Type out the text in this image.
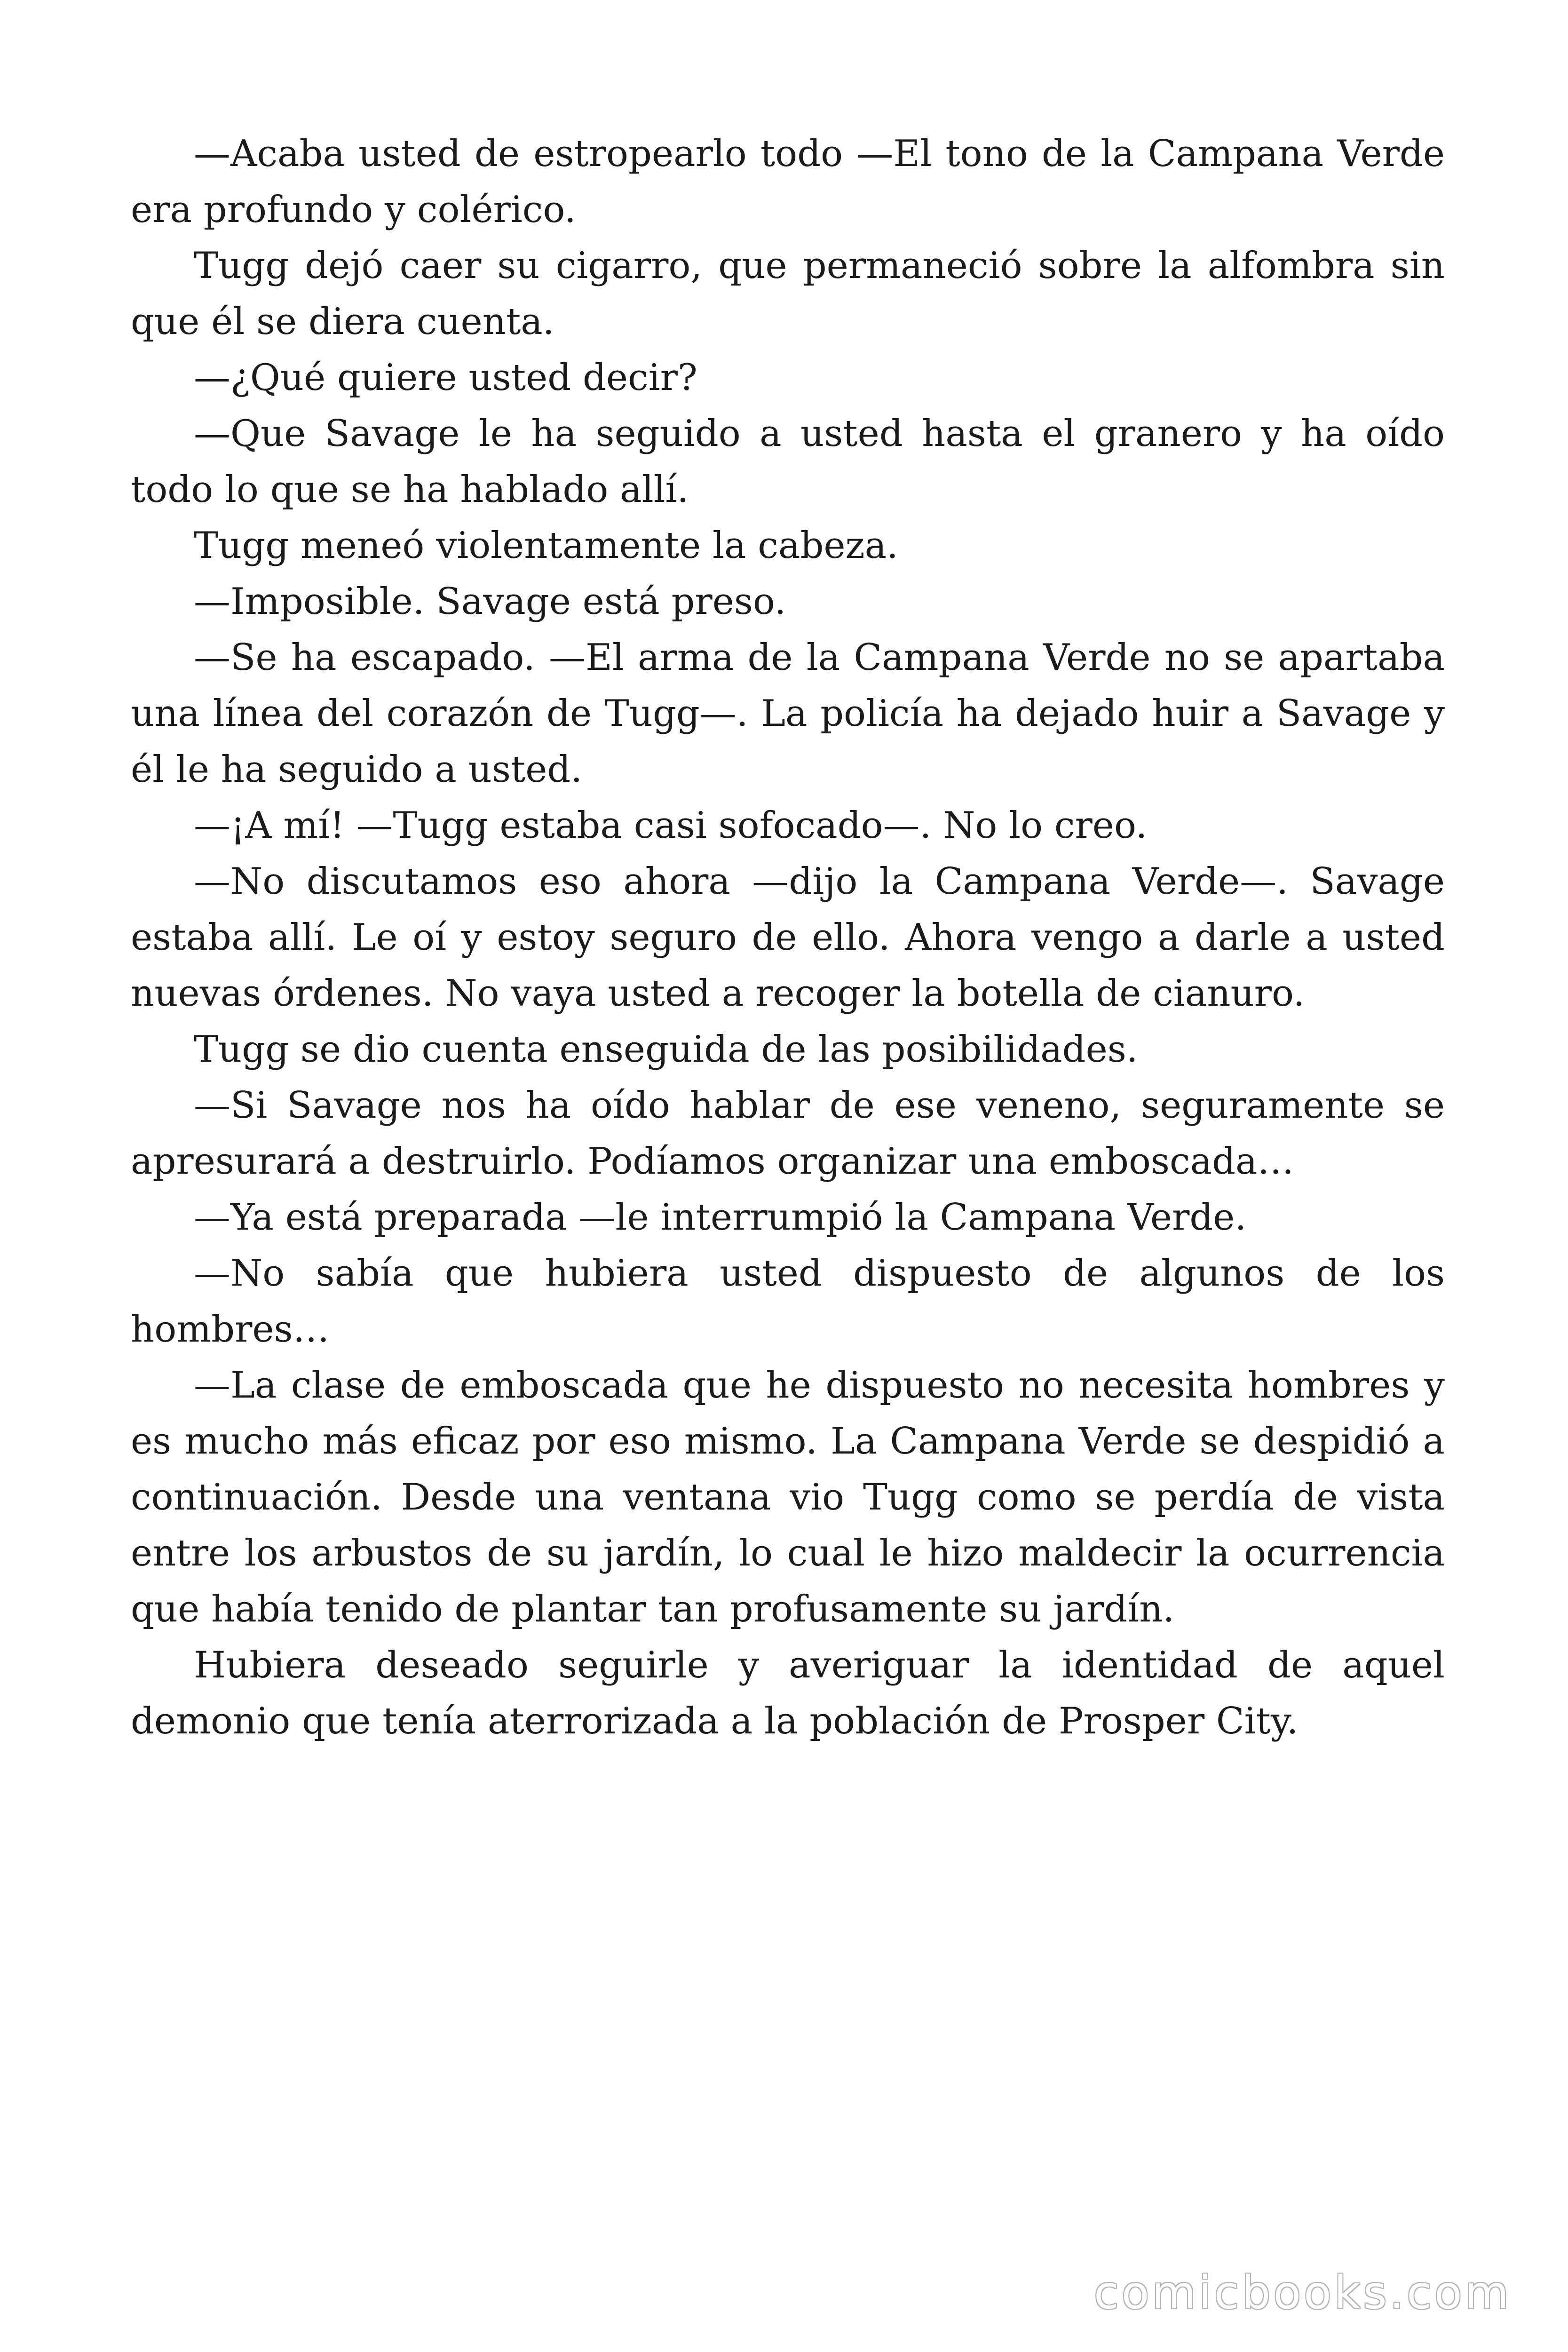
—Acaba usted de estropearlo todo —El tono de la Campana Verde era profundo y colérico.

Tugg dejó caer su cigarro, que permaneció sobre la alfombra sin que él se diera cuenta.

—¿Qué quiere usted decir?

—Que Savage le ha seguido a usted hasta el granero y ha oído todo lo que se ha hablado allí.

Tugg meneó violentamente la cabeza.

—Imposible. Savage está preso.

—Se ha escapado. —El arma de la Campana Verde no se apartaba una línea del corazón de Tugg—. La policía ha dejado huir a Savage y él le ha seguido a usted.

—¡A mí! —Tugg estaba casi sofocado—. No lo creo.

—No discutamos eso ahora —dijo la Campana Verde—. Savage estaba allí. Le oí y estoy seguro de ello. Ahora vengo a darle a usted nuevas órdenes. No vaya usted a recoger la botella de cianuro.

Tugg se dio cuenta enseguida de las posibilidades.

—Si Savage nos ha oído hablar de ese veneno, seguramente se apresurará a destruirlo. Podíamos organizar una emboscada…

—Ya está preparada —le interrumpió la Campana Verde.

—No sabía que hubiera usted dispuesto de algunos de los hombres…

—La clase de emboscada que he dispuesto no necesita hombres y es mucho más eficaz por eso mismo. La Campana Verde se despidió a continuación. Desde una ventana vio Tugg como se perdía de vista entre los arbustos de su jardín, lo cual le hizo maldecir la ocurrencia que había tenido de plantar tan profusamente su jardín.

Hubiera deseado seguirle y averiguar la identidad de aquel demonio que tenía aterrorizada a la población de Prosper City.

comicbooks.com
